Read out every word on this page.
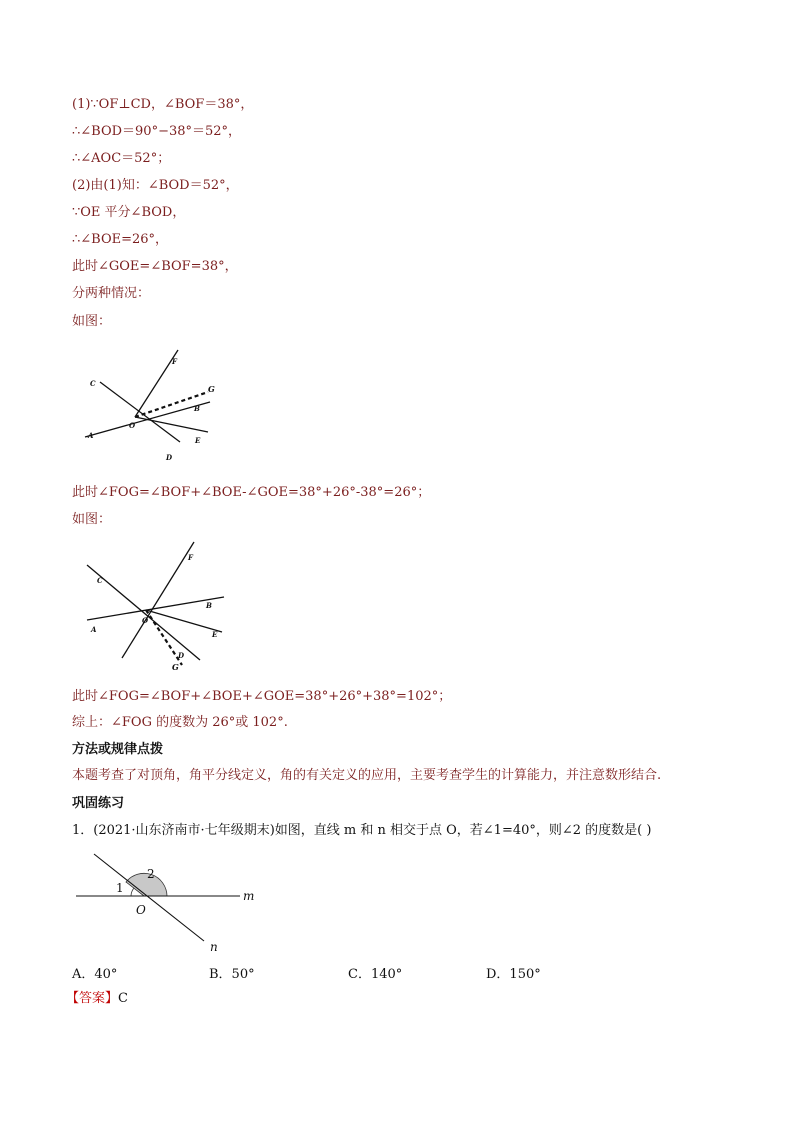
(1)∵OF⊥CD，∠BOF＝38°，
∴∠BOD＝90°−38°＝52°，
∴∠AOC＝52°；
(2)由(1)知：∠BOD＝52°，
∵OE 平分∠BOD，
∴∠BOE=26°，
此时∠GOE=∠BOF=38°，
分两种情况：
如图：
F
C
G
B
A
O
E
D
此时∠FOG=∠BOF+∠BOE-∠GOE=38°+26°-38°=26°；
如图：
F
C
B
A
O
E
D
G
此时∠FOG=∠BOF+∠BOE+∠GOE=38°+26°+38°=102°；
综上：∠FOG 的度数为 26°或 102°.
方法或规律点拨
本题考查了对顶角，角平分线定义，角的有关定义的应用，主要考查学生的计算能力，并注意数形结合.
巩固练习
1．(2021·山东济南市·七年级期末)如图，直线 m 和 n 相交于点 O，若∠1=40°，则∠2 的度数是( )
1
2
O
m
n
A．40°	B．50°	C．140°	D．150°
【答案】C
